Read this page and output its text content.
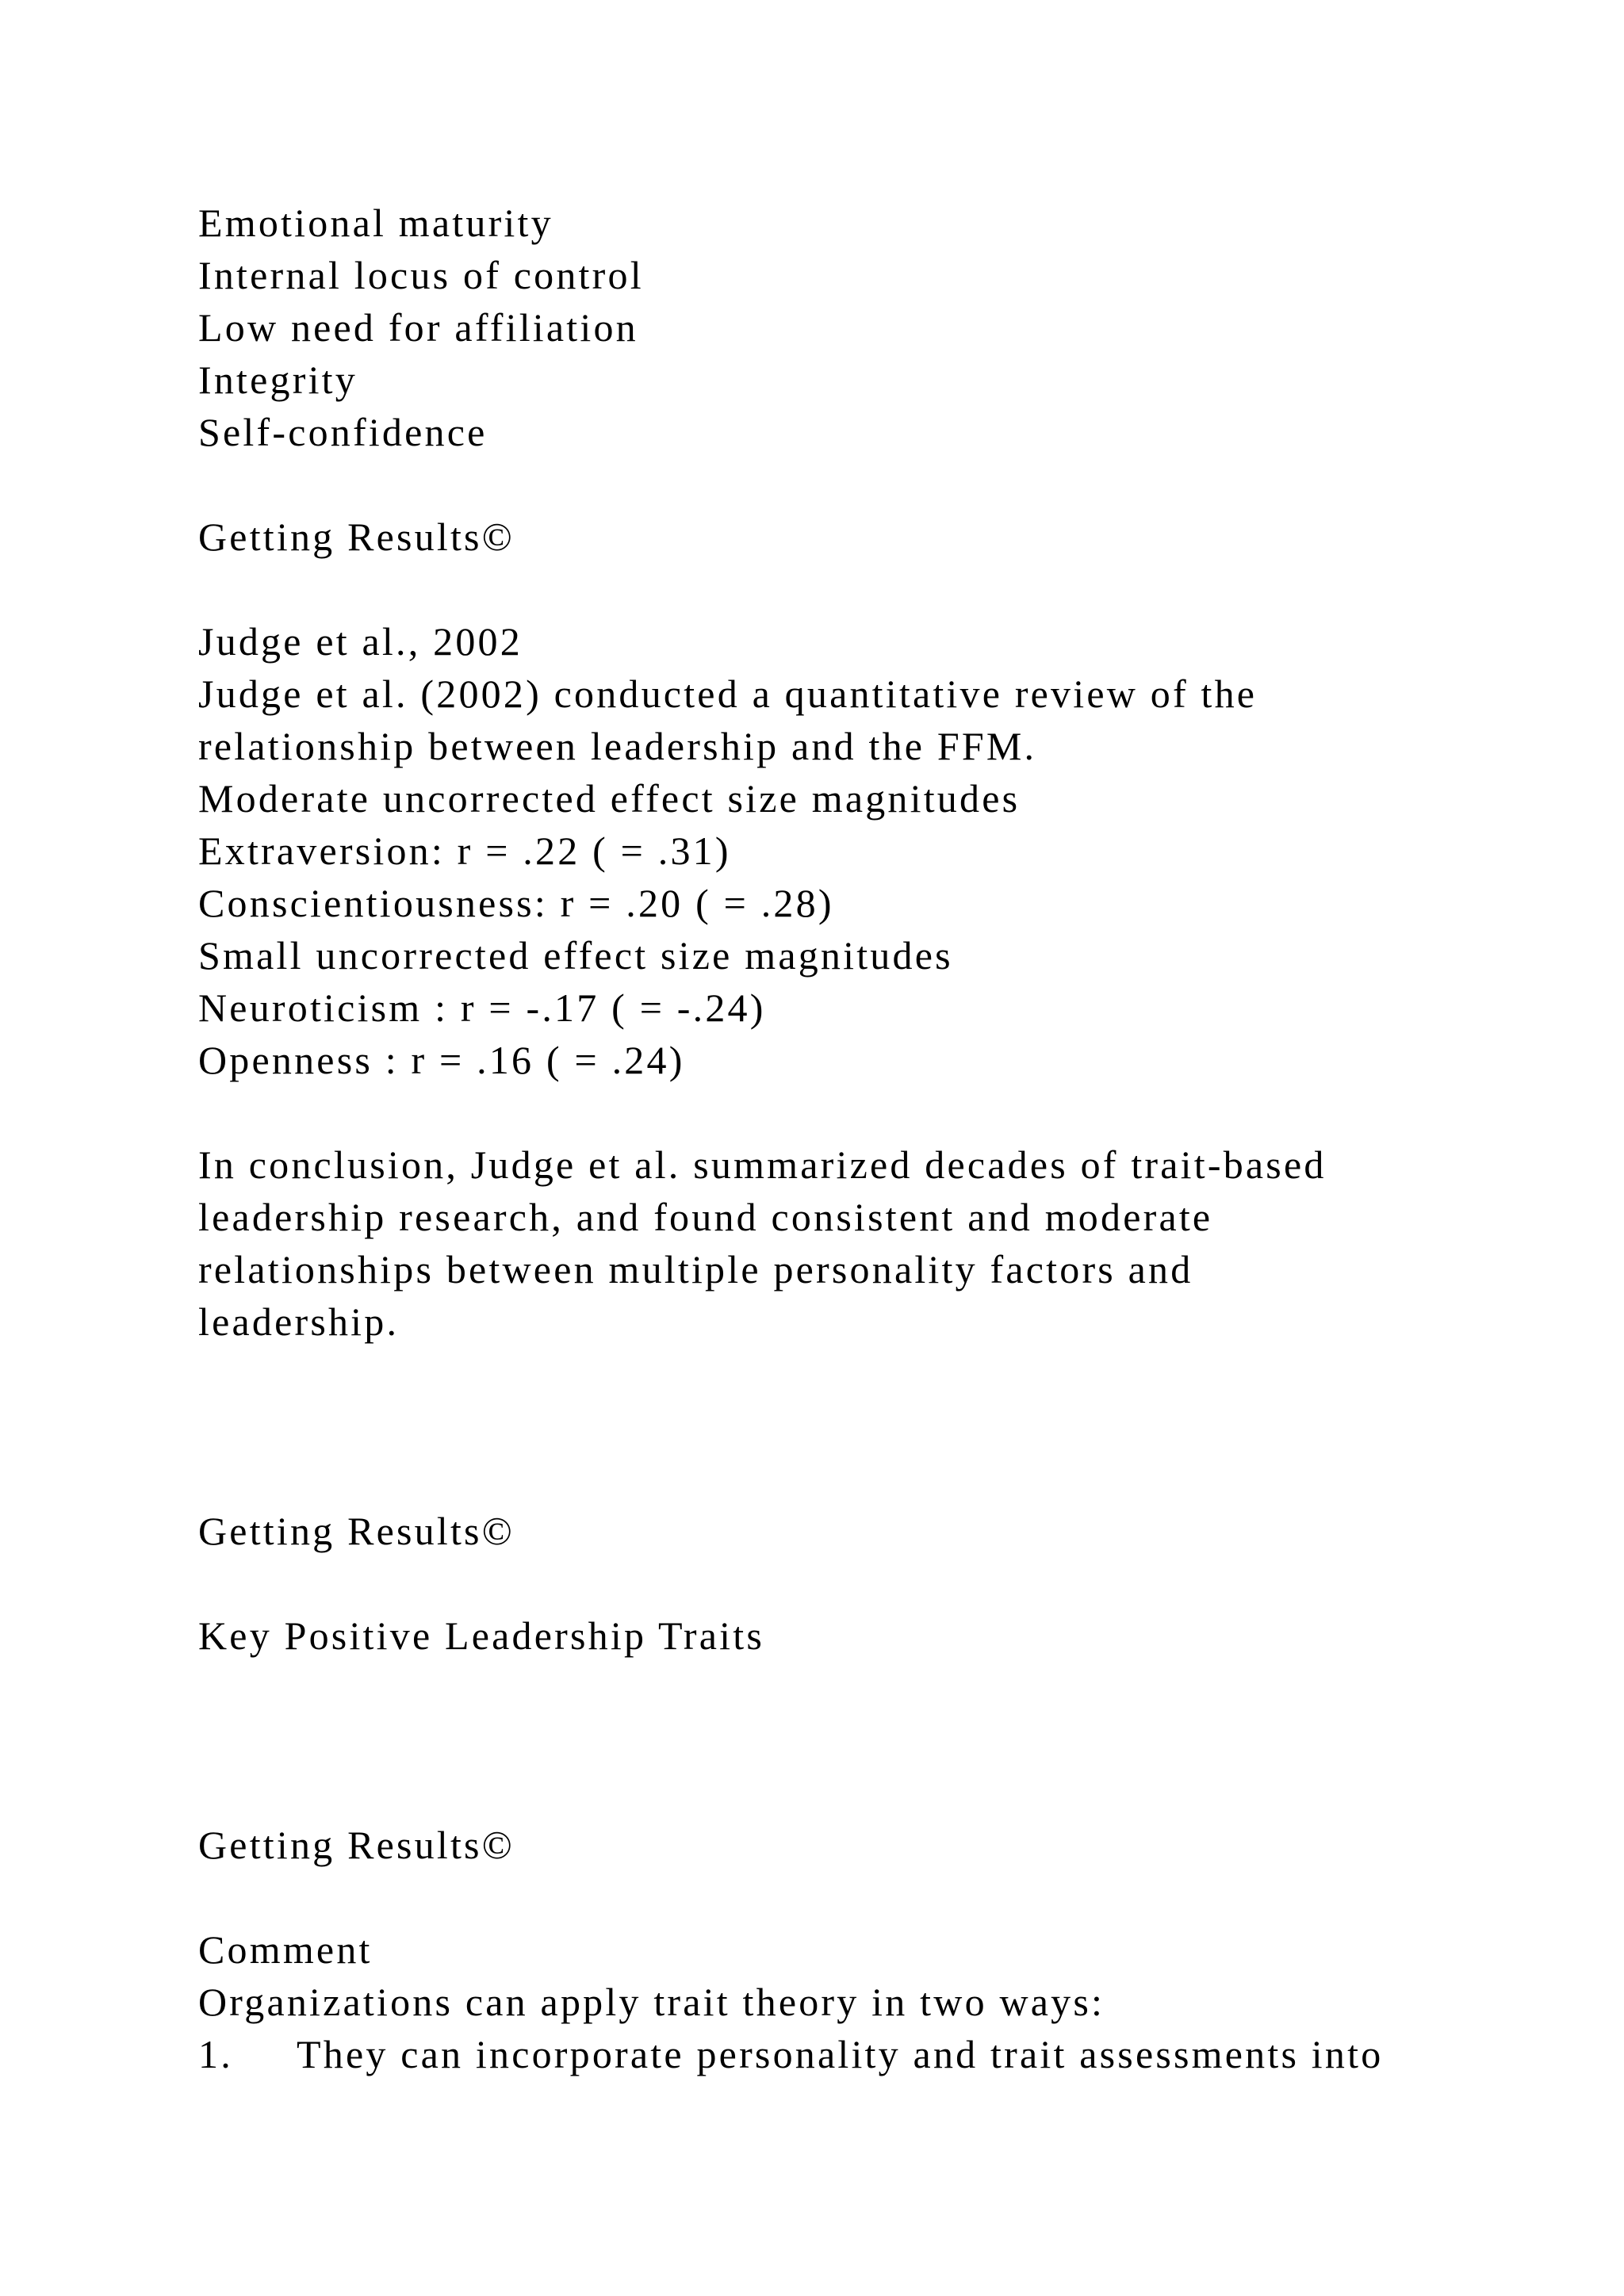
Emotional maturity

Internal locus of control

Low need for affiliation

Integrity

Self-confidence

Getting Results©

Judge et al., 2002

Judge et al. (2002) conducted a quantitative review of the

relationship between leadership and the FFM.

Moderate uncorrected effect size magnitudes

Extraversion: r = .22 ( = .31)

Conscientiousness: r = .20 ( = .28)

Small uncorrected effect size magnitudes

Neuroticism : r = -.17 ( = -.24)

Openness : r = .16 ( = .24)

In conclusion, Judge et al. summarized decades of trait-based

leadership research, and found consistent and moderate

relationships between multiple personality factors and

leadership.

Getting Results©

Key Positive Leadership Traits

Getting Results©

Comment

Organizations can apply trait theory in two ways:

1. They can incorporate personality and trait assessments into
